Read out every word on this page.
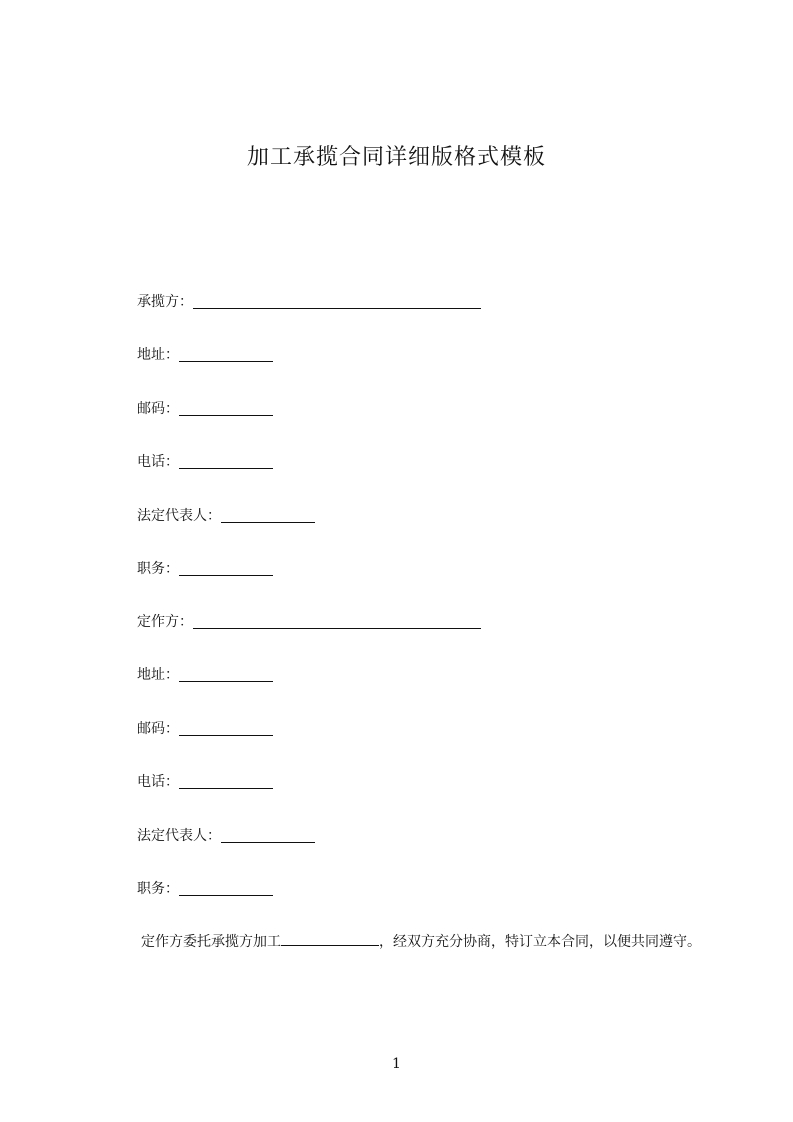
加工承揽合同详细版格式模板
承揽方：
地址：
邮码：
电话：
法定代表人：
职务：
定作方：
地址：
邮码：
电话：
法定代表人：
职务：
定作方委托承揽方加工	，经双方充分协商，特订立本合同，以便共同遵守。
1
